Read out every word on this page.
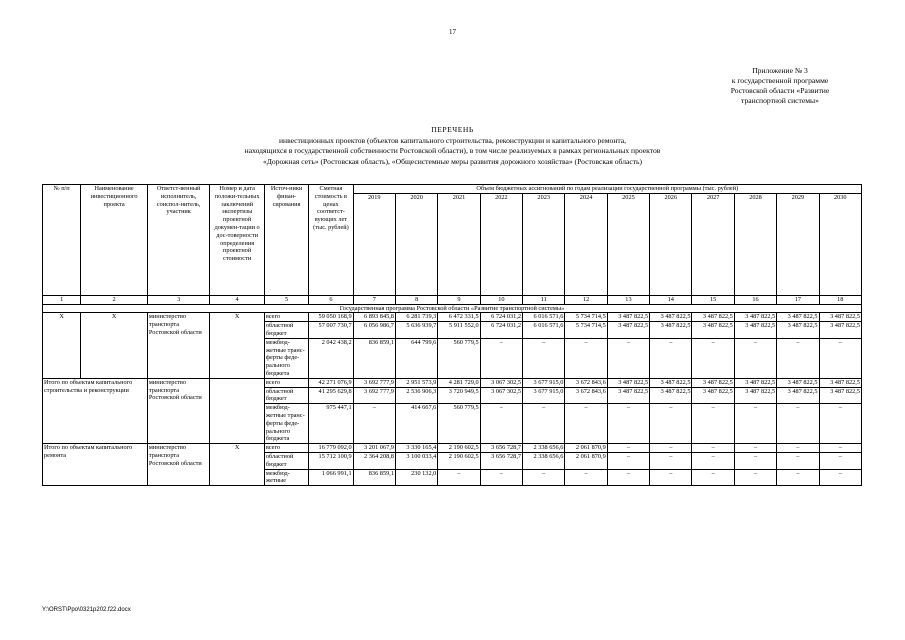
17
Приложение № 3
к государственной программе
Ростовской области «Развитие
транспортной системы»
ПЕРЕЧЕНЬ
инвестиционных проектов (объектов капитального строительства, реконструкции и капитального ремонта,
находящихся в государственной собственности Ростовской области), в том числе реализуемых в рамках региональных проектов
«Дорожная сеть» (Ростовская область), «Общесистемные меры развития дорожного хозяйства» (Ростовская область)
№ п/п	Наименование инвестиционного проекта	Ответст-венный исполнитель, соиспол-нитель, участник	Номер и дата положи-тельных заключений экспертизы проектной докумен-тации о дос-товерности определения проектной стоимости	Источ-ники финан-сирования	Сметная стоимость в ценах соответст-вующих лет (тыс. рублей)	Объем бюджетных ассигнований по годам реализации государственной программы (тыс. рублей)											
						2019	2020	2021	2022	2023	2024	2025	2026	2027	2028	2029	2030
1	2	3	4	5	6	7	8	9	10	11	12	13	14	15	16	17	18
Государственная программа Ростовской области «Развитие транспортной системы»																	
X	X	министерство транспорта Ростовской области	X	всего	59 050 168,9	6 893 845,8	6 281 739,3	6 472 331,5	6 724 031,2	6 016 571,6	5 734 714,5	3 487 822,5	3 487 822,5	3 487 822,5	3 487 822,5	3 487 822,5	3 487 822,5
				областной бюджет	57 007 730,7	6 056 986,7	5 636 939,7	5 911 552,0	6 724 031,2	6 016 571,6	5 734 714,5	3 487 822,5	3 487 822,5	3 487 822,5	3 487 822,5	3 487 822,5	3 487 822,5
				межбюд-жетные транс-ферты феде-рального бюджета	2 042 438,2	836 859,1	644 799,6	560 779,5	–	–	–	–	–	–	–	–	–
Итого по объектам капитального строительства и реконструкции		министерство транспорта Ростовской области		всего	42 271 076,9	3 692 777,9	2 951 573,9	4 281 729,0	3 067 302,5	3 677 915,0	3 672 843,6	3 487 822,5	3 487 822,5	3 487 822,5	3 487 822,5	3 487 822,5	3 487 822,5
				областной бюджет	41 295 629,8	3 692 777,9	2 536 906,3	3 720 949,5	3 067 302,5	3 677 915,0	3 672 843,6	3 487 822,5	3 487 822,5	3 487 822,5	3 487 822,5	3 487 822,5	3 487 822,5
				межбюд-жетные транс-ферты феде-рального бюджета	975 447,1	–	414 667,6	560 779,5	–	–	–	–	–	–	–	–	–
Итого по объектам капитального ремонта		министерство транспорта Ростовской области	X	всего	16 779 092,0	3 201 067,9	3 330 165,4	2 190 602,5	3 656 728,7	2 338 656,6	2 061 870,9	–	–	–	–	–	–
				областной бюджет	15 712 100,9	2 364 208,8	3 100 033,4	2 190 602,5	3 656 728,7	2 338 656,6	2 061 870,9	–	–	–	–	–	–
				межбюд-жетные	1 066 991,1	836 859,1	230 132,0	–	–	–	–	–	–	–	–	–	–
Y:\ORST\Ppo\0321p202.f22.docx
